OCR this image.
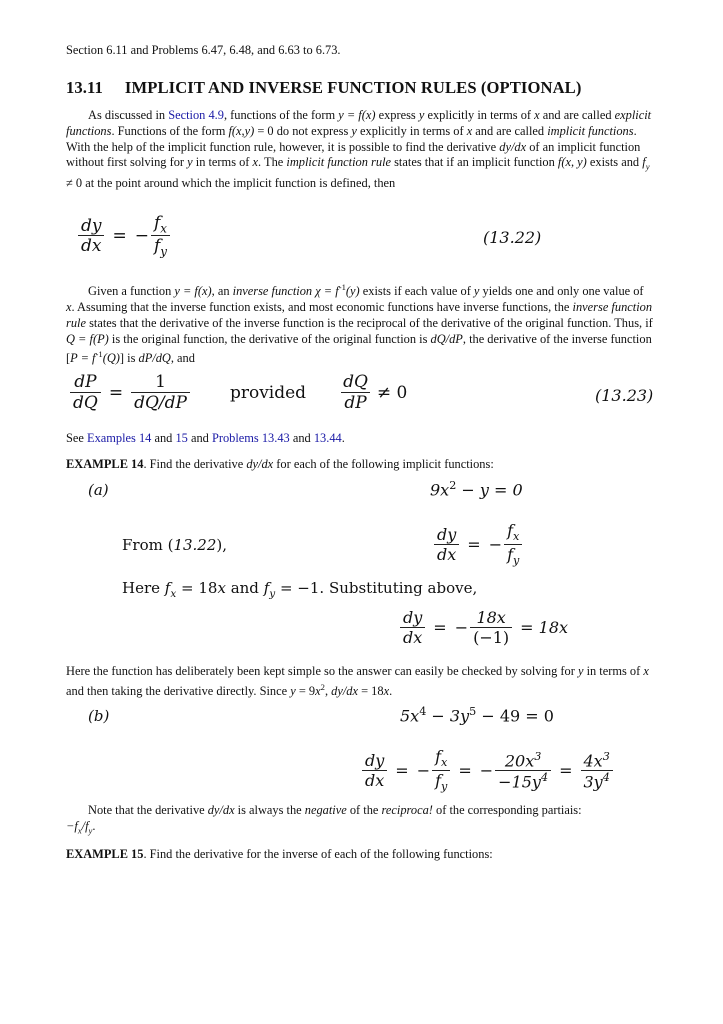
Section 6.11 and Problems 6.47, 6.48, and 6.63 to 6.73.
13.11 IMPLICIT AND INVERSE FUNCTION RULES (OPTIONAL)
As discussed in Section 4.9, functions of the form y = f(x) express y explicitly in terms of x and are called explicit functions. Functions of the form f(x,y) = 0 do not express y explicitly in terms of x and are called implicit functions. With the help of the implicit function rule, however, it is possible to find the derivative dy/dx of an implicit function without first solving for y in terms of x. The implicit function rule states that if an implicit function f(x, y) exists and $f_y \ne 0$ at the point around which the implicit function is defined, then
$\frac{dy}{dx}$ = − $\frac{f_x}{f_y}$	(13.22)
Given a function y = f(x), an inverse function $\chi = f^{-1}(y)$ exists if each value of y yields one and only one value of x. Assuming that the inverse function exists, and most economic functions have inverse functions, the inverse function rule states that the derivative of the inverse function is the reciprocal of the derivative of the original function. Thus, if Q = f(P) is the original function, the derivative of the original function is dQ/dP, the derivative of the inverse function $[P = f^{-1}(Q)]$ is dP/dQ, and
$\frac{dP}{dQ} = \frac{1}{dQ/dP}$ provided $\frac{dQ}{dP} \ne 0$	(13.23)
See Examples 14 and 15 and Problems 13.43 and 13.44.
EXAMPLE 14. Find the derivative dy/dx for each of the following implicit functions:
(a)	$9x^2 - y = 0$
From (13.22),	$\frac{dy}{dx}$ = − $\frac{f_x}{f_y}$
Here $f_x = 18x$ and $f_y = -1$. Substituting above,
$\frac{dy}{dx}$ = − $\frac{18x}{(-1)} = 18x$
Here the function has deliberately been kept simple so the answer can easily be checked by solving for y in terms of x and then taking the derivative directly. Since $y = 9x^2$, dy/dx = 18x.
(b)	$5x^4 - 3y^5 - 49 = 0$
$\frac{dy}{dx}$ = − $\frac{f_x}{f_y}$ = − $\frac{20x^3}{-15y^4} = \frac{4x^3}{3y^4}$
Note that the derivative dy/dx is always the negative of the reciproca! of the corresponding partiais:
$-f_x/f_y$.
EXAMPLE 15. Find the derivative for the inverse of each of the following functions:
